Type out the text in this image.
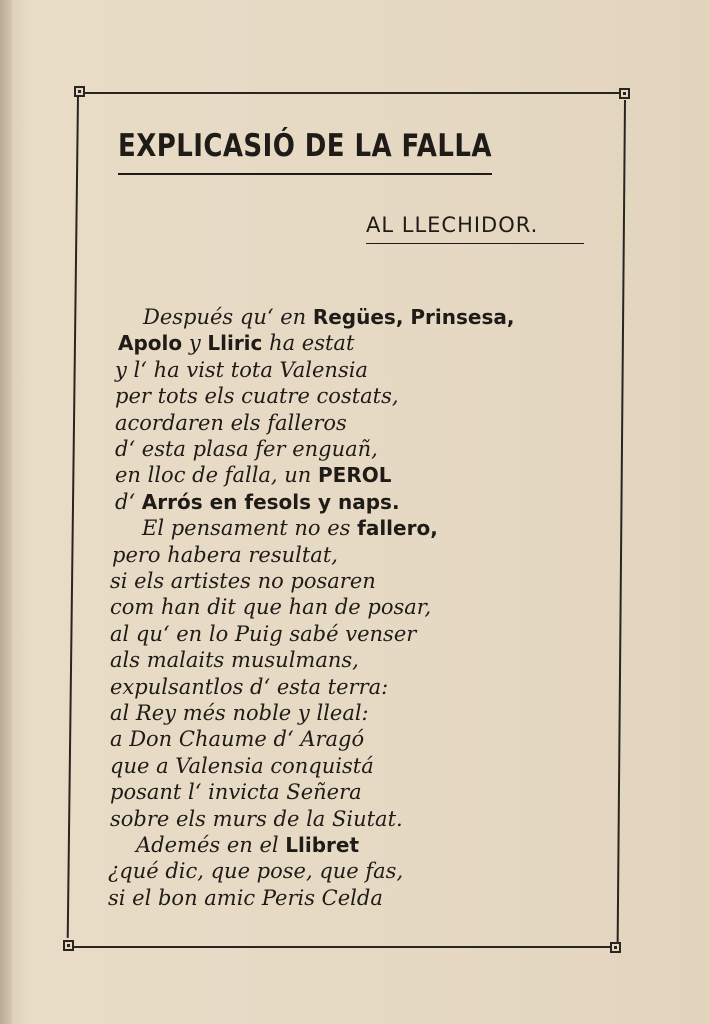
EXPLICASIÓ DE LA FALLA
AL LLECHIDOR.
Después qu‘ en Regües, Prinsesa,
Apolo y Lliric ha estat
y l‘ ha vist tota Valensia
per tots els cuatre costats,
acordaren els falleros
d‘ esta plasa fer enguañ,
en lloc de falla, un PEROL
d‘ Arrós en fesols y naps.
El pensament no es fallero,
pero habera resultat,
si els artistes no posaren
com han dit que han de posar,
al qu‘ en lo Puig sabé venser
als malaits musulmans,
expulsantlos d‘ esta terra:
al Rey més noble y lleal:
a Don Chaume d‘ Aragó
que a Valensia conquistá
posant l‘ invicta Señera
sobre els murs de la Siutat.
Ademés en el Llibret
¿qué dic, que pose, que fas,
si el bon amic Peris Celda
